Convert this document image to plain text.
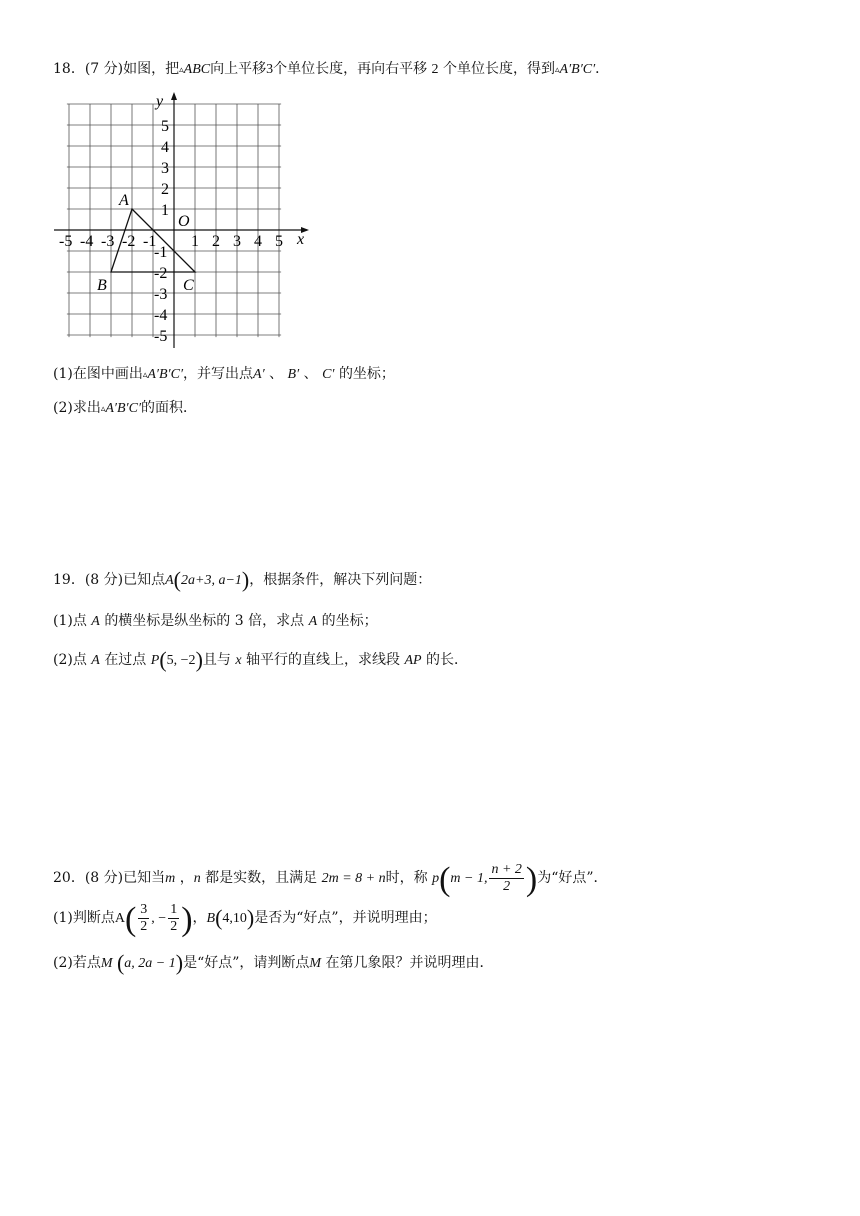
18．(7 分)如图，把▵ABC向上平移3个单位长度，再向右平移 2 个单位长度，得到▵A′B′C′．
x
y
O
-5 -4 -3 -2 -1 1 2 3 4 5
5
4
3
2
1
-1
-2
-3
-4
-5
A
B	C
(1)在图中画出▵A′B′C′，并写出点A′ 、 B′ 、 C′ 的坐标；
(2)求出▵A′B′C′的面积．
19．(8 分)已知点A(2a+3, a−1)，根据条件，解决下列问题：
(1)点 A 的横坐标是纵坐标的 3 倍，求点 A 的坐标；
(2)点 A 在过点 P(5, −2)且与 x 轴平行的直线上，求线段 AP 的长．
20．(8 分)已知当m ，n 都是实数，且满足 2m = 8 + n时，称 p(m − 1, $\frac{n + 2}{2}$ )为“好点”．
(1)判断点$A( \frac{3}{2}$ , − $\frac{1}{2}$ )，B(4,10)是否为“好点”，并说明理由；
(2)若点M (a, 2a − 1)是“好点”，请判断点M 在第几象限？并说明理由．
